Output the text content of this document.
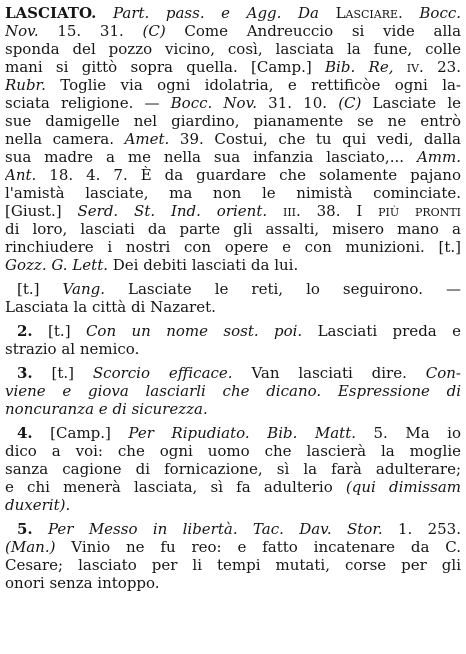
LASCIATO. Part. pass. e Agg. Da Lasciare. Bocc.
Nov. 15. 31. (C) Come Andreuccio si vide alla
sponda del pozzo vicino, così, lasciata la fune, colle
mani si gittò sopra quella. [Camp.] Bib. Re, iv. 23.
Rubr. Toglie via ogni idolatria, e rettificòe ogni la-
sciata religione. — Bocc. Nov. 31. 10. (C) Lasciate le
sue damigelle nel giardino, pianamente se ne entrò
nella camera. Amet. 39. Costui, che tu qui vedi, dalla
sua madre a me nella sua infanzia lasciato,... Amm.
Ant. 18. 4. 7. È da guardare che solamente pajano
l'amistà lasciate, ma non le nimistà cominciate.
[Giust.] Serd. St. Ind. orient. iii. 38. I più pronti
di loro, lasciati da parte gli assalti, misero mano a
rinchiudere i nostri con opere e con munizioni. [t.]
Gozz. G. Lett. Dei debiti lasciati da lui.
[t.] Vang. Lasciate le reti, lo seguirono. —
Lasciata la città di Nazaret.
2. [t.] Con un nome sost. poi. Lasciati preda e
strazio al nemico.
3. [t.] Scorcio efficace. Van lasciati dire. Con-
viene e giova lasciarli che dicano. Espressione di
noncuranza e di sicurezza.
4. [Camp.] Per Ripudiato. Bib. Matt. 5. Ma io
dico a voi: che ogni uomo che lascierà la moglie
sanza cagione di fornicazione, sì la farà adulterare;
e chi menerà lasciata, sì fa adulterio (qui dimissam
duxerit).
5. Per Messo in libertà. Tac. Dav. Stor. 1. 253.
(Man.) Vinio ne fu reo: e fatto incatenare da C.
Cesare; lasciato per li tempi mutati, corse per gli
onori senza intoppo.
